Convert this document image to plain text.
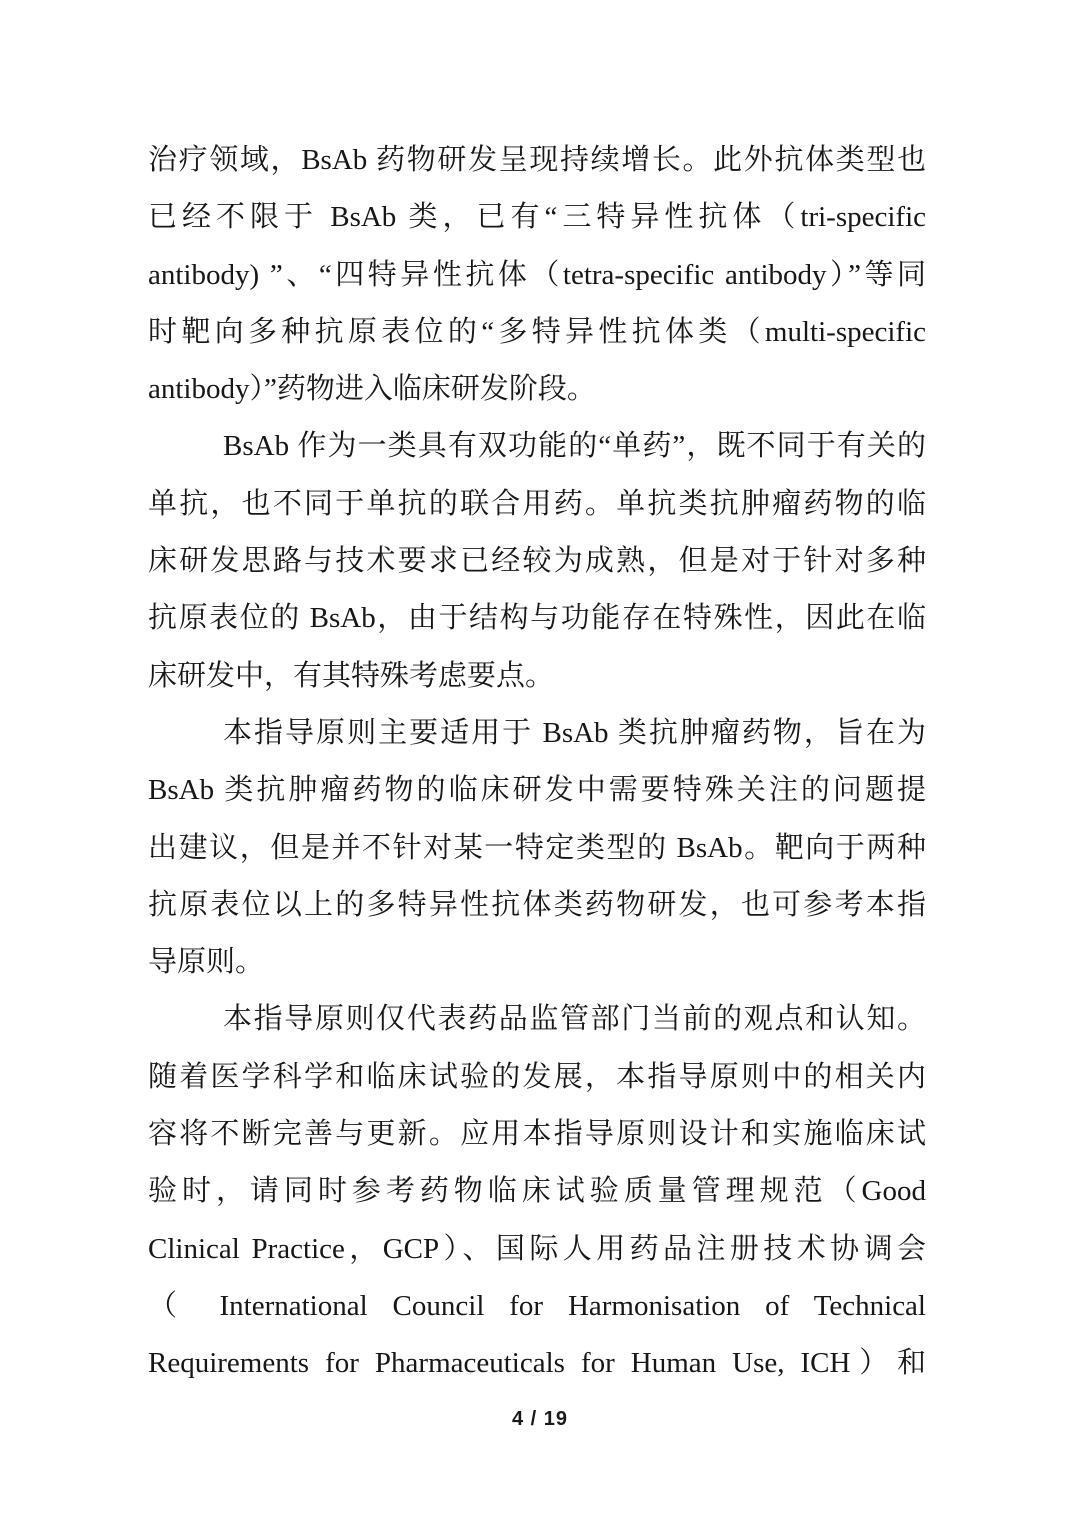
治疗领域，BsAb 药物研发呈现持续增长。此外抗体类型也
已经不限于 BsAb 类，已有“三特异性抗体（tri-specific
antibody) ”、“四特异性抗体（tetra-specific antibody）”等同
时靶向多种抗原表位的“多特异性抗体类（multi-specific
antibody）”药物进入临床研发阶段。
BsAb 作为一类具有双功能的“单药”，既不同于有关的
单抗，也不同于单抗的联合用药。单抗类抗肿瘤药物的临
床研发思路与技术要求已经较为成熟，但是对于针对多种
抗原表位的 BsAb，由于结构与功能存在特殊性，因此在临
床研发中，有其特殊考虑要点。
本指导原则主要适用于 BsAb 类抗肿瘤药物，旨在为
BsAb 类抗肿瘤药物的临床研发中需要特殊关注的问题提
出建议，但是并不针对某一特定类型的 BsAb。靶向于两种
抗原表位以上的多特异性抗体类药物研发，也可参考本指
导原则。
本指导原则仅代表药品监管部门当前的观点和认知。
随着医学科学和临床试验的发展，本指导原则中的相关内
容将不断完善与更新。应用本指导原则设计和实施临床试
验时，请同时参考药物临床试验质量管理规范（Good
Clinical Practice，GCP）、国际人用药品注册技术协调会
（ International Council for Harmonisation of Technical
Requirements for Pharmaceuticals for Human Use, ICH）和
4 / 19
